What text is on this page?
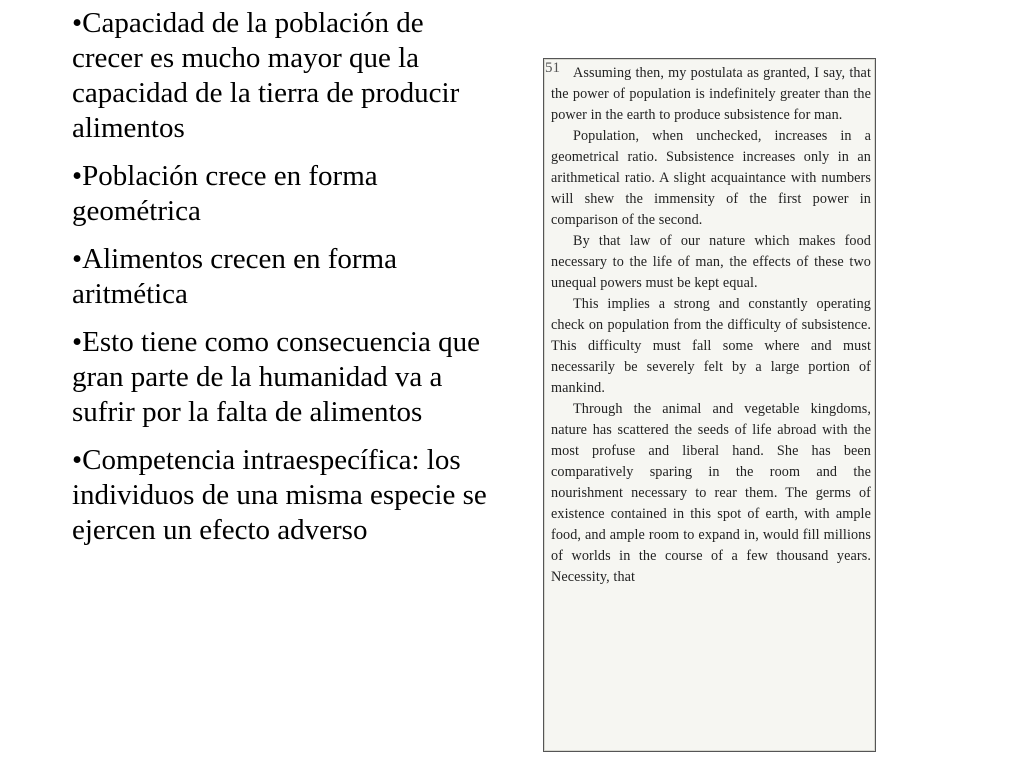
•Capacidad de la población de crecer es mucho mayor que la capacidad de la tierra de producir alimentos

•Población crece en forma geométrica

•Alimentos crecen en forma aritmética

•Esto tiene como consecuencia que gran parte de la humanidad va a sufrir por la falta de alimentos

•Competencia intraespecífica: los individuos de una misma especie se ejercen un efecto adverso

51 Assuming then, my postulata as granted, I say, that the power of population is indefinitely greater than the power in the earth to produce subsistence for man.

Population, when unchecked, increases in a geometrical ratio. Subsistence increases only in an arithmetical ratio. A slight acquaintance with numbers will shew the immensity of the first power in comparison of the second.

By that law of our nature which makes food necessary to the life of man, the effects of these two unequal powers must be kept equal.

This implies a strong and constantly operating check on population from the difficulty of subsistence. This difficulty must fall some where and must necessarily be severely felt by a large portion of mankind.

Through the animal and vegetable kingdoms, nature has scattered the seeds of life abroad with the most profuse and liberal hand. She has been comparatively sparing in the room and the nourishment necessary to rear them. The germs of existence contained in this spot of earth, with ample food, and ample room to expand in, would fill millions of worlds in the course of a few thousand years. Necessity, that
